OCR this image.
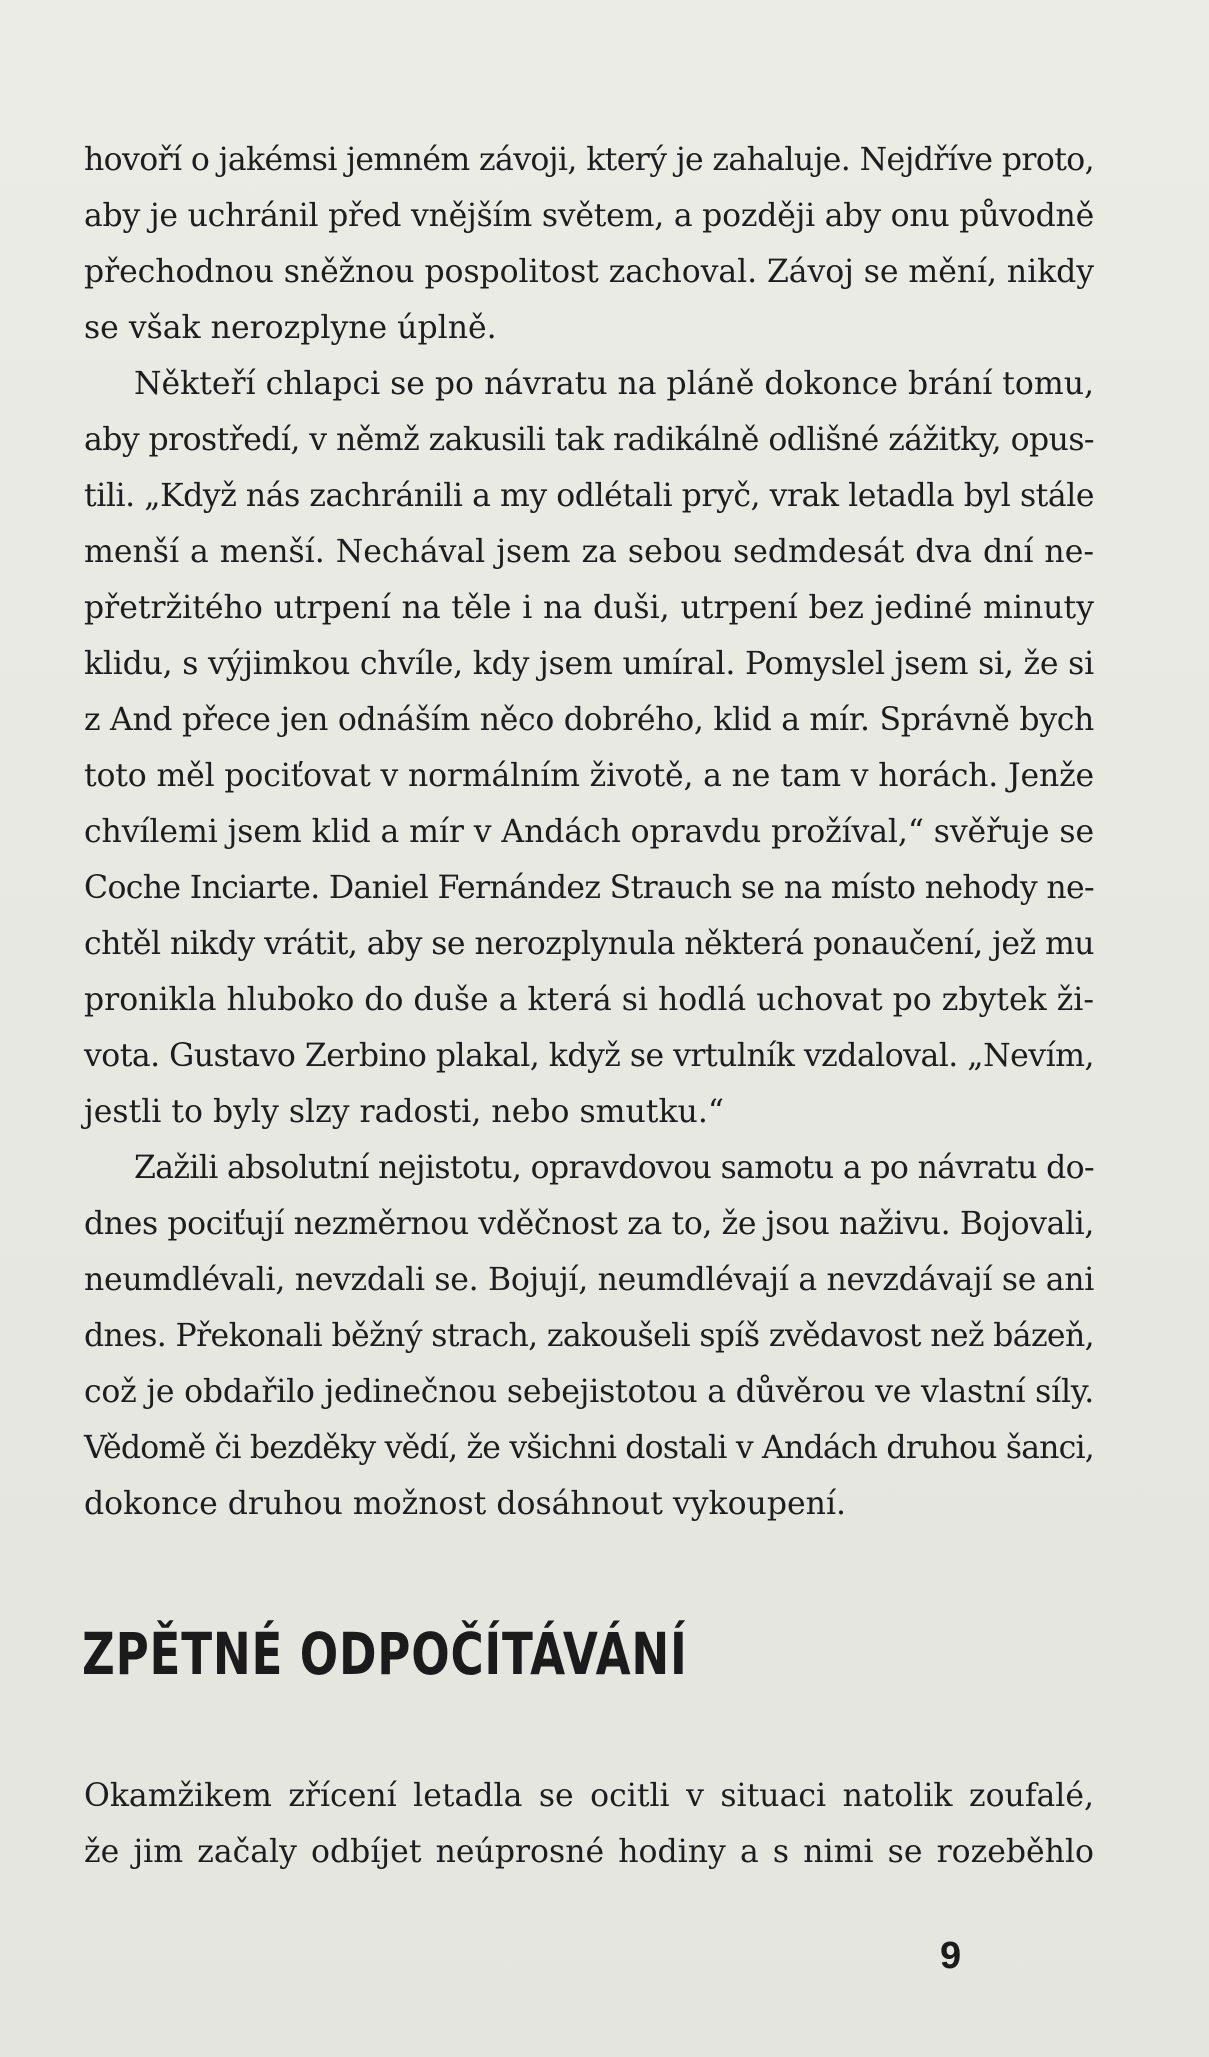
hovoří o jakémsi jemném závoji, který je zahaluje. Nejdříve proto,
aby je uchránil před vnějším světem, a později aby onu původně
přechodnou sněžnou pospolitost zachoval. Závoj se mění, nikdy
se však nerozplyne úplně.
Někteří chlapci se po návratu na pláně dokonce brání tomu,
aby prostředí, v němž zakusili tak radikálně odlišné zážitky, opus-
tili. „Když nás zachránili a my odlétali pryč, vrak letadla byl stále
menší a menší. Nechával jsem za sebou sedmdesát dva dní ne-
přetržitého utrpení na těle i na duši, utrpení bez jediné minuty
klidu, s výjimkou chvíle, kdy jsem umíral. Pomyslel jsem si, že si
z And přece jen odnáším něco dobrého, klid a mír. Správně bych
toto měl pociťovat v normálním životě, a ne tam v horách. Jenže
chvílemi jsem klid a mír v Andách opravdu prožíval,“ svěřuje se
Coche Inciarte. Daniel Fernández Strauch se na místo nehody ne-
chtěl nikdy vrátit, aby se nerozplynula některá ponaučení, jež mu
pronikla hluboko do duše a která si hodlá uchovat po zbytek ži-
vota. Gustavo Zerbino plakal, když se vrtulník vzdaloval. „Nevím,
jestli to byly slzy radosti, nebo smutku.“
Zažili absolutní nejistotu, opravdovou samotu a po návratu do-
dnes pociťují nezměrnou vděčnost za to, že jsou naživu. Bojovali,
neumdlévali, nevzdali se. Bojují, neumdlévají a nevzdávají se ani
dnes. Překonali běžný strach, zakoušeli spíš zvědavost než bázeň,
což je obdařilo jedinečnou sebejistotou a důvěrou ve vlastní síly.
Vědomě či bezděky vědí, že všichni dostali v Andách druhou šanci,
dokonce druhou možnost dosáhnout vykoupení.
ZPĚTNÉ ODPOČÍTÁVÁNÍ
Okamžikem zřícení letadla se ocitli v situaci natolik zoufalé,
že jim začaly odbíjet neúprosné hodiny a s nimi se rozeběhlo
9
